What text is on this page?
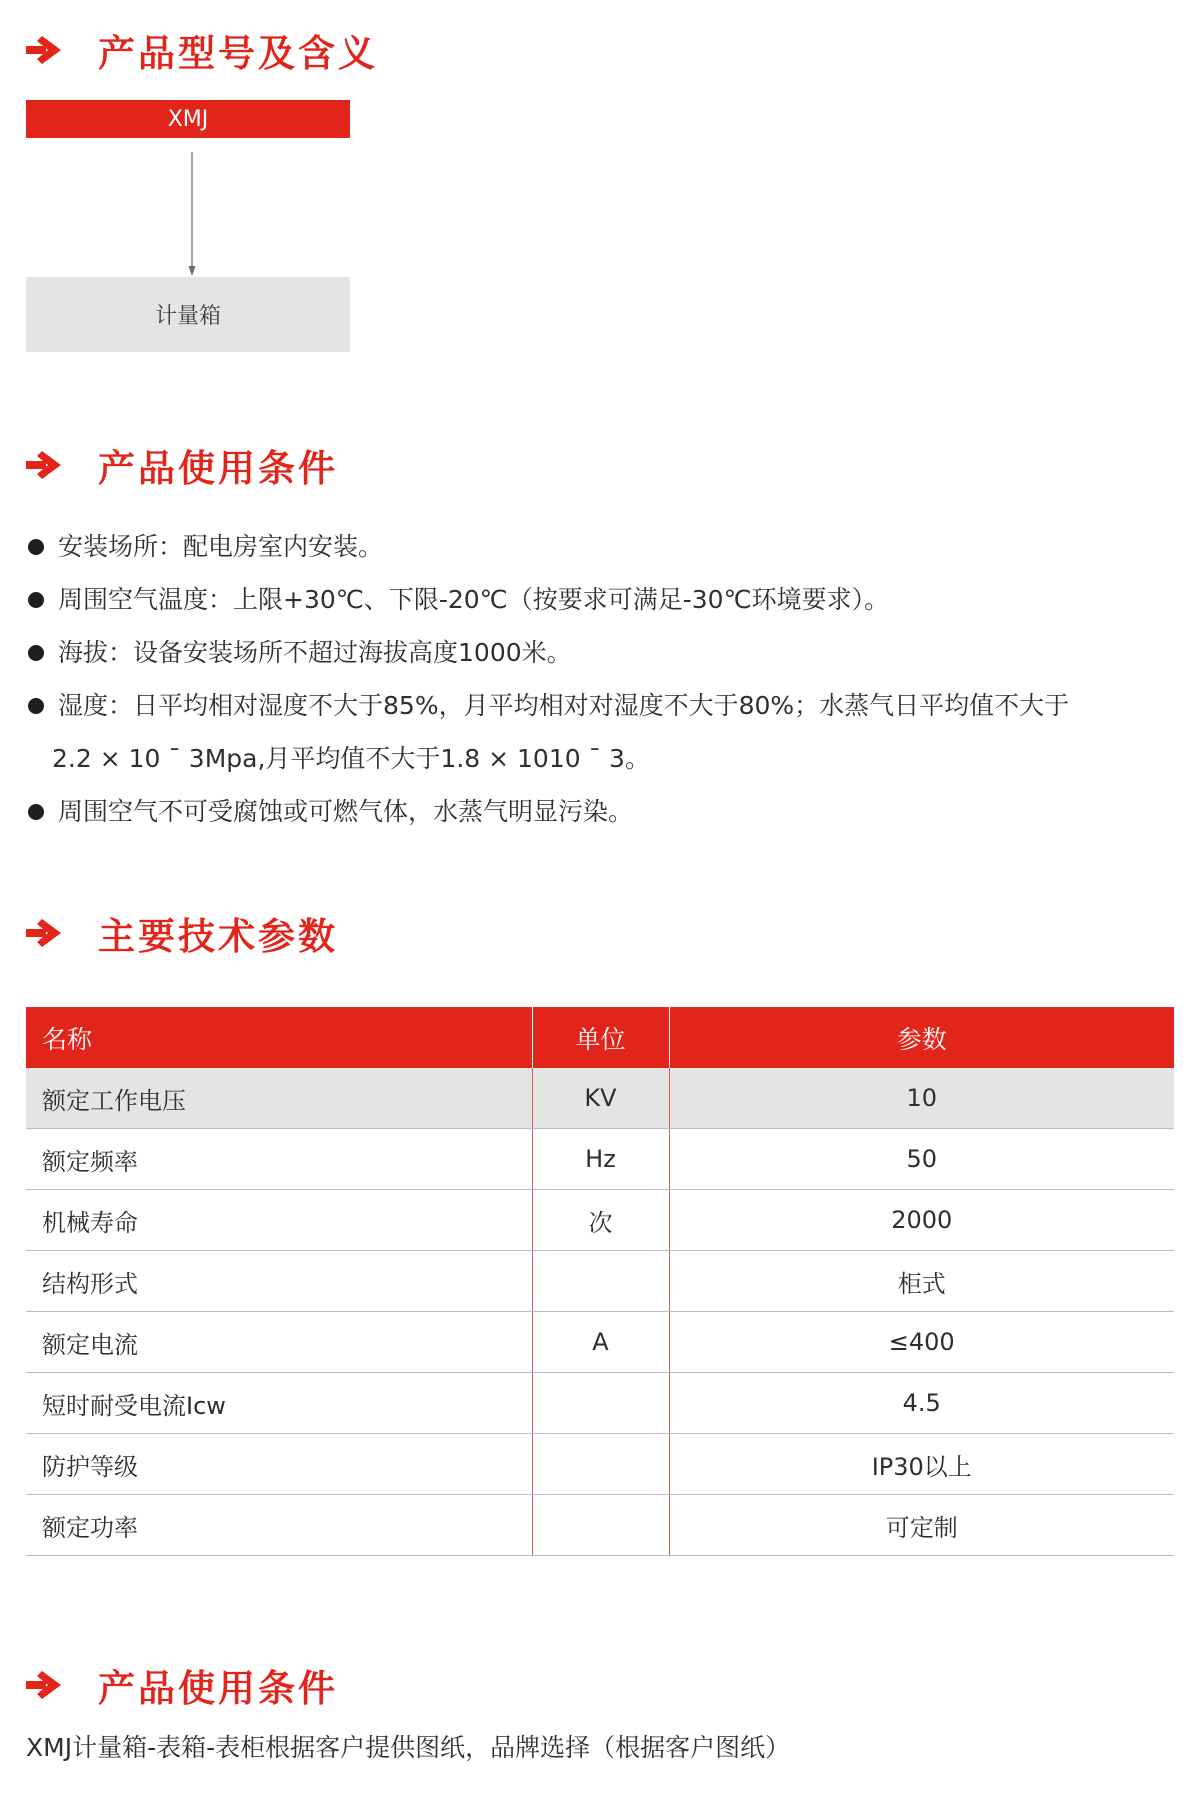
产品型号及含义
XMJ
计量箱
产品使用条件
安装场所：配电房室内安装。
周围空气温度：上限+30℃、下限-20℃（按要求可满足-30℃环境要求）。
海拔：设备安装场所不超过海拔高度1000米。
湿度：日平均相对湿度不大于85%，月平均相对对湿度不大于80%；水蒸气日平均值不大于
2.2 × 10 ˉ 3Mpa,月平均值不大于1.8 × 1010 ˉ 3。
周围空气不可受腐蚀或可燃气体，水蒸气明显污染。
主要技术参数
名称	单位	参数
额定工作电压	KV	10
额定频率	Hz	50
机械寿命	次	2000
结构形式		柜式
额定电流	A	≤400
短时耐受电流Icw		4.5
防护等级		IP30以上
额定功率		可定制
产品使用条件
XMJ计量箱-表箱-表柜根据客户提供图纸，品牌选择（根据客户图纸）
